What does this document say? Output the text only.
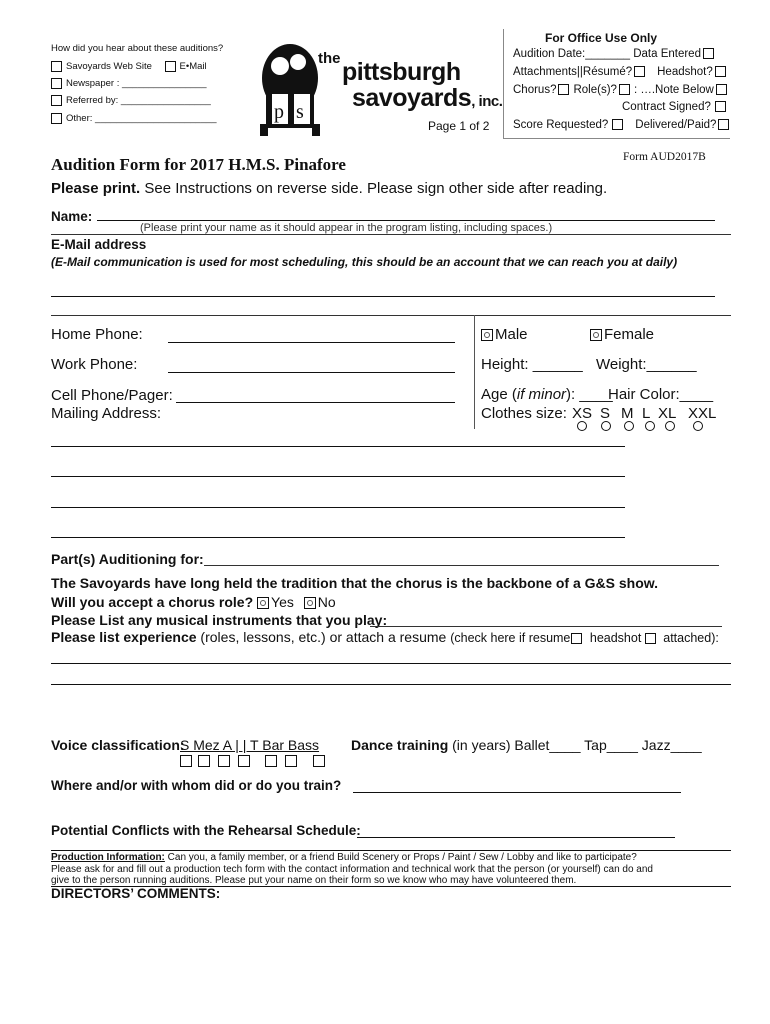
How did you hear about these auditions?
Savoyards Web Site	E•Mail
Newspaper : ________________
Referred by: _________________
Other: _______________________	p s
the pittsburgh
savoyards, inc.
Page 1 of 2
For Office Use Only
Audition Date:_______ Data Entered
Attachments||Résumé? Headshot?
Chorus? Role(s)? : ….Note Below
Contract Signed?
Score Requested? Delivered/Paid?
Form AUD2017B
Audition Form for 2017 H.M.S. Pinafore
Please print. See Instructions on reverse side. Please sign other side after reading.
Name:
(Please print your name as it should appear in the program listing, including spaces.)
E-Mail address
(E-Mail communication is used for most scheduling, this should be an account that we can reach you at daily)
Home Phone:
Work Phone:
Cell Phone/Pager:
Mailing Address:
Male	Female
Height: ______ Weight:______
Age (if minor): ____
Hair Color:____
Clothes size: XS S M L XL XXL
Part(s) Auditioning for:
The Savoyards have long held the tradition that the chorus is the backbone of a G&S show.
Will you accept a chorus role? Yes No
Please List any musical instruments that you play:
Please list experience (roles, lessons, etc.) or attach a resume (check here if resume headshot  attached):
Voice classification:
S Mez A | | T Bar Bass Dance training (in years) Ballet____ Tap____ Jazz____
Where and/or with whom did or do you train?
Potential Conflicts with the Rehearsal Schedule:
Production Information: Can you, a family member, or a friend Build Scenery or Props / Paint / Sew / Lobby and like to participate?
Please ask for and fill out a production tech form with the contact information and technical work that the person (or yourself) can do and
give to the person running auditions. Please put your name on their form so we know who may have volunteered them.
DIRECTORS’ COMMENTS:
